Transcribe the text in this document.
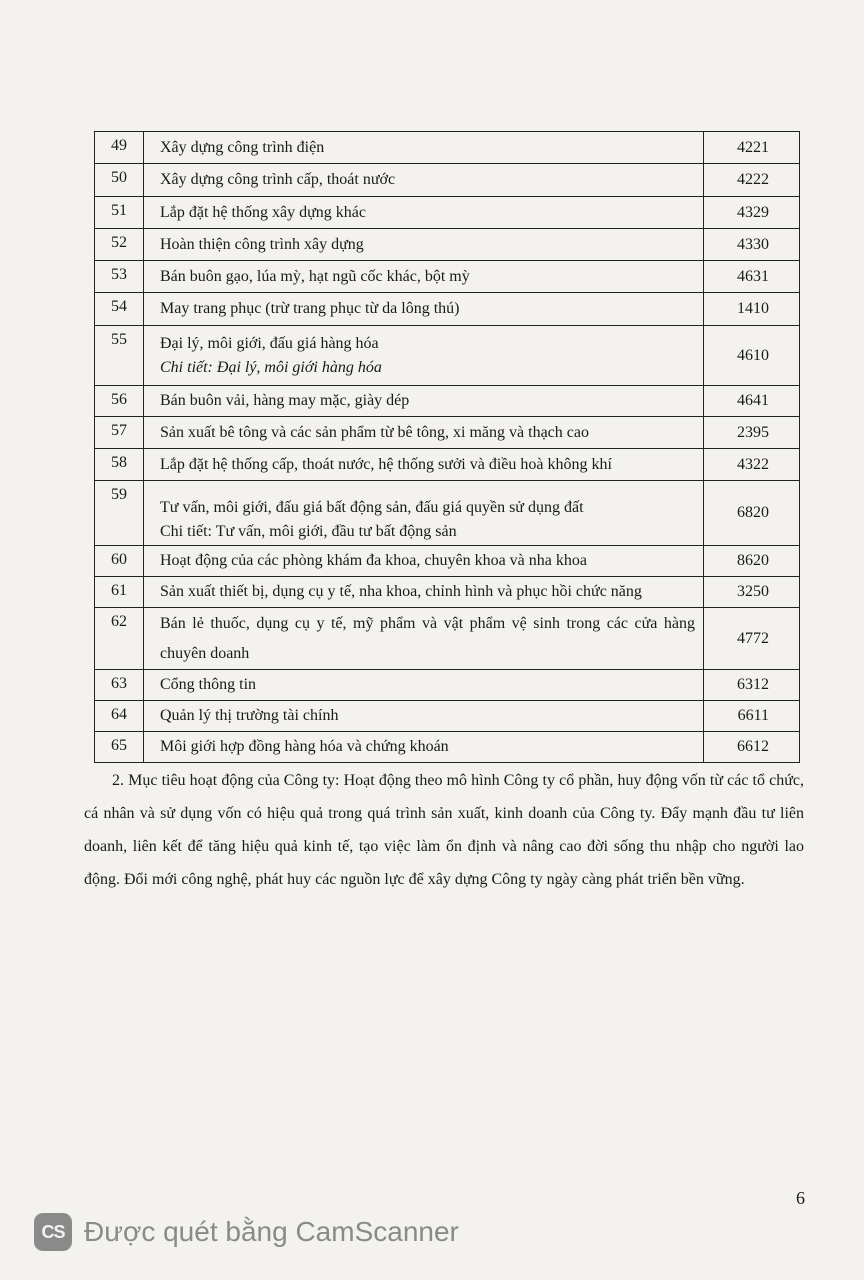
49	Xây dựng công trình điện	4221
50	Xây dựng công trình cấp, thoát nước	4222
51	Lắp đặt hệ thống xây dựng khác	4329
52	Hoàn thiện công trình xây dựng	4330
53	Bán buôn gạo, lúa mỳ, hạt ngũ cốc khác, bột mỳ	4631
54	May trang phục (trừ trang phục từ da lông thú)	1410
55	Đại lý, môi giới, đấu giá hàng hóa
Chi tiết: Đại lý, môi giới hàng hóa	4610
56	Bán buôn vải, hàng may mặc, giày dép	4641
57	Sản xuất bê tông và các sản phẩm từ bê tông, xi măng và thạch cao	2395
58	Lắp đặt hệ thống cấp, thoát nước, hệ thống sưởi và điều hoà không khí	4322
59	Tư vấn, môi giới, đấu giá bất động sản, đấu giá quyền sử dụng đất
Chi tiết: Tư vấn, môi giới, đầu tư bất động sản	6820
60	Hoạt động của các phòng khám đa khoa, chuyên khoa và nha khoa	8620
61	Sản xuất thiết bị, dụng cụ y tế, nha khoa, chỉnh hình và phục hồi chức năng	3250
62	Bán lẻ thuốc, dụng cụ y tế, mỹ phẩm và vật phẩm vệ sinh trong các cửa hàng chuyên doanh	4772
63	Cổng thông tin	6312
64	Quản lý thị trường tài chính	6611
65	Môi giới hợp đồng hàng hóa và chứng khoán	6612
2. Mục tiêu hoạt động của Công ty: Hoạt động theo mô hình Công ty cổ phần, huy động vốn từ các tổ chức, cá nhân và sử dụng vốn có hiệu quả trong quá trình sản xuất, kinh doanh của Công ty. Đẩy mạnh đầu tư liên doanh, liên kết để tăng hiệu quả kinh tế, tạo việc làm ổn định và nâng cao đời sống thu nhập cho người lao động. Đổi mới công nghệ, phát huy các nguồn lực để xây dựng Công ty ngày càng phát triển bền vững.
6
CS Được quét bằng CamScanner
